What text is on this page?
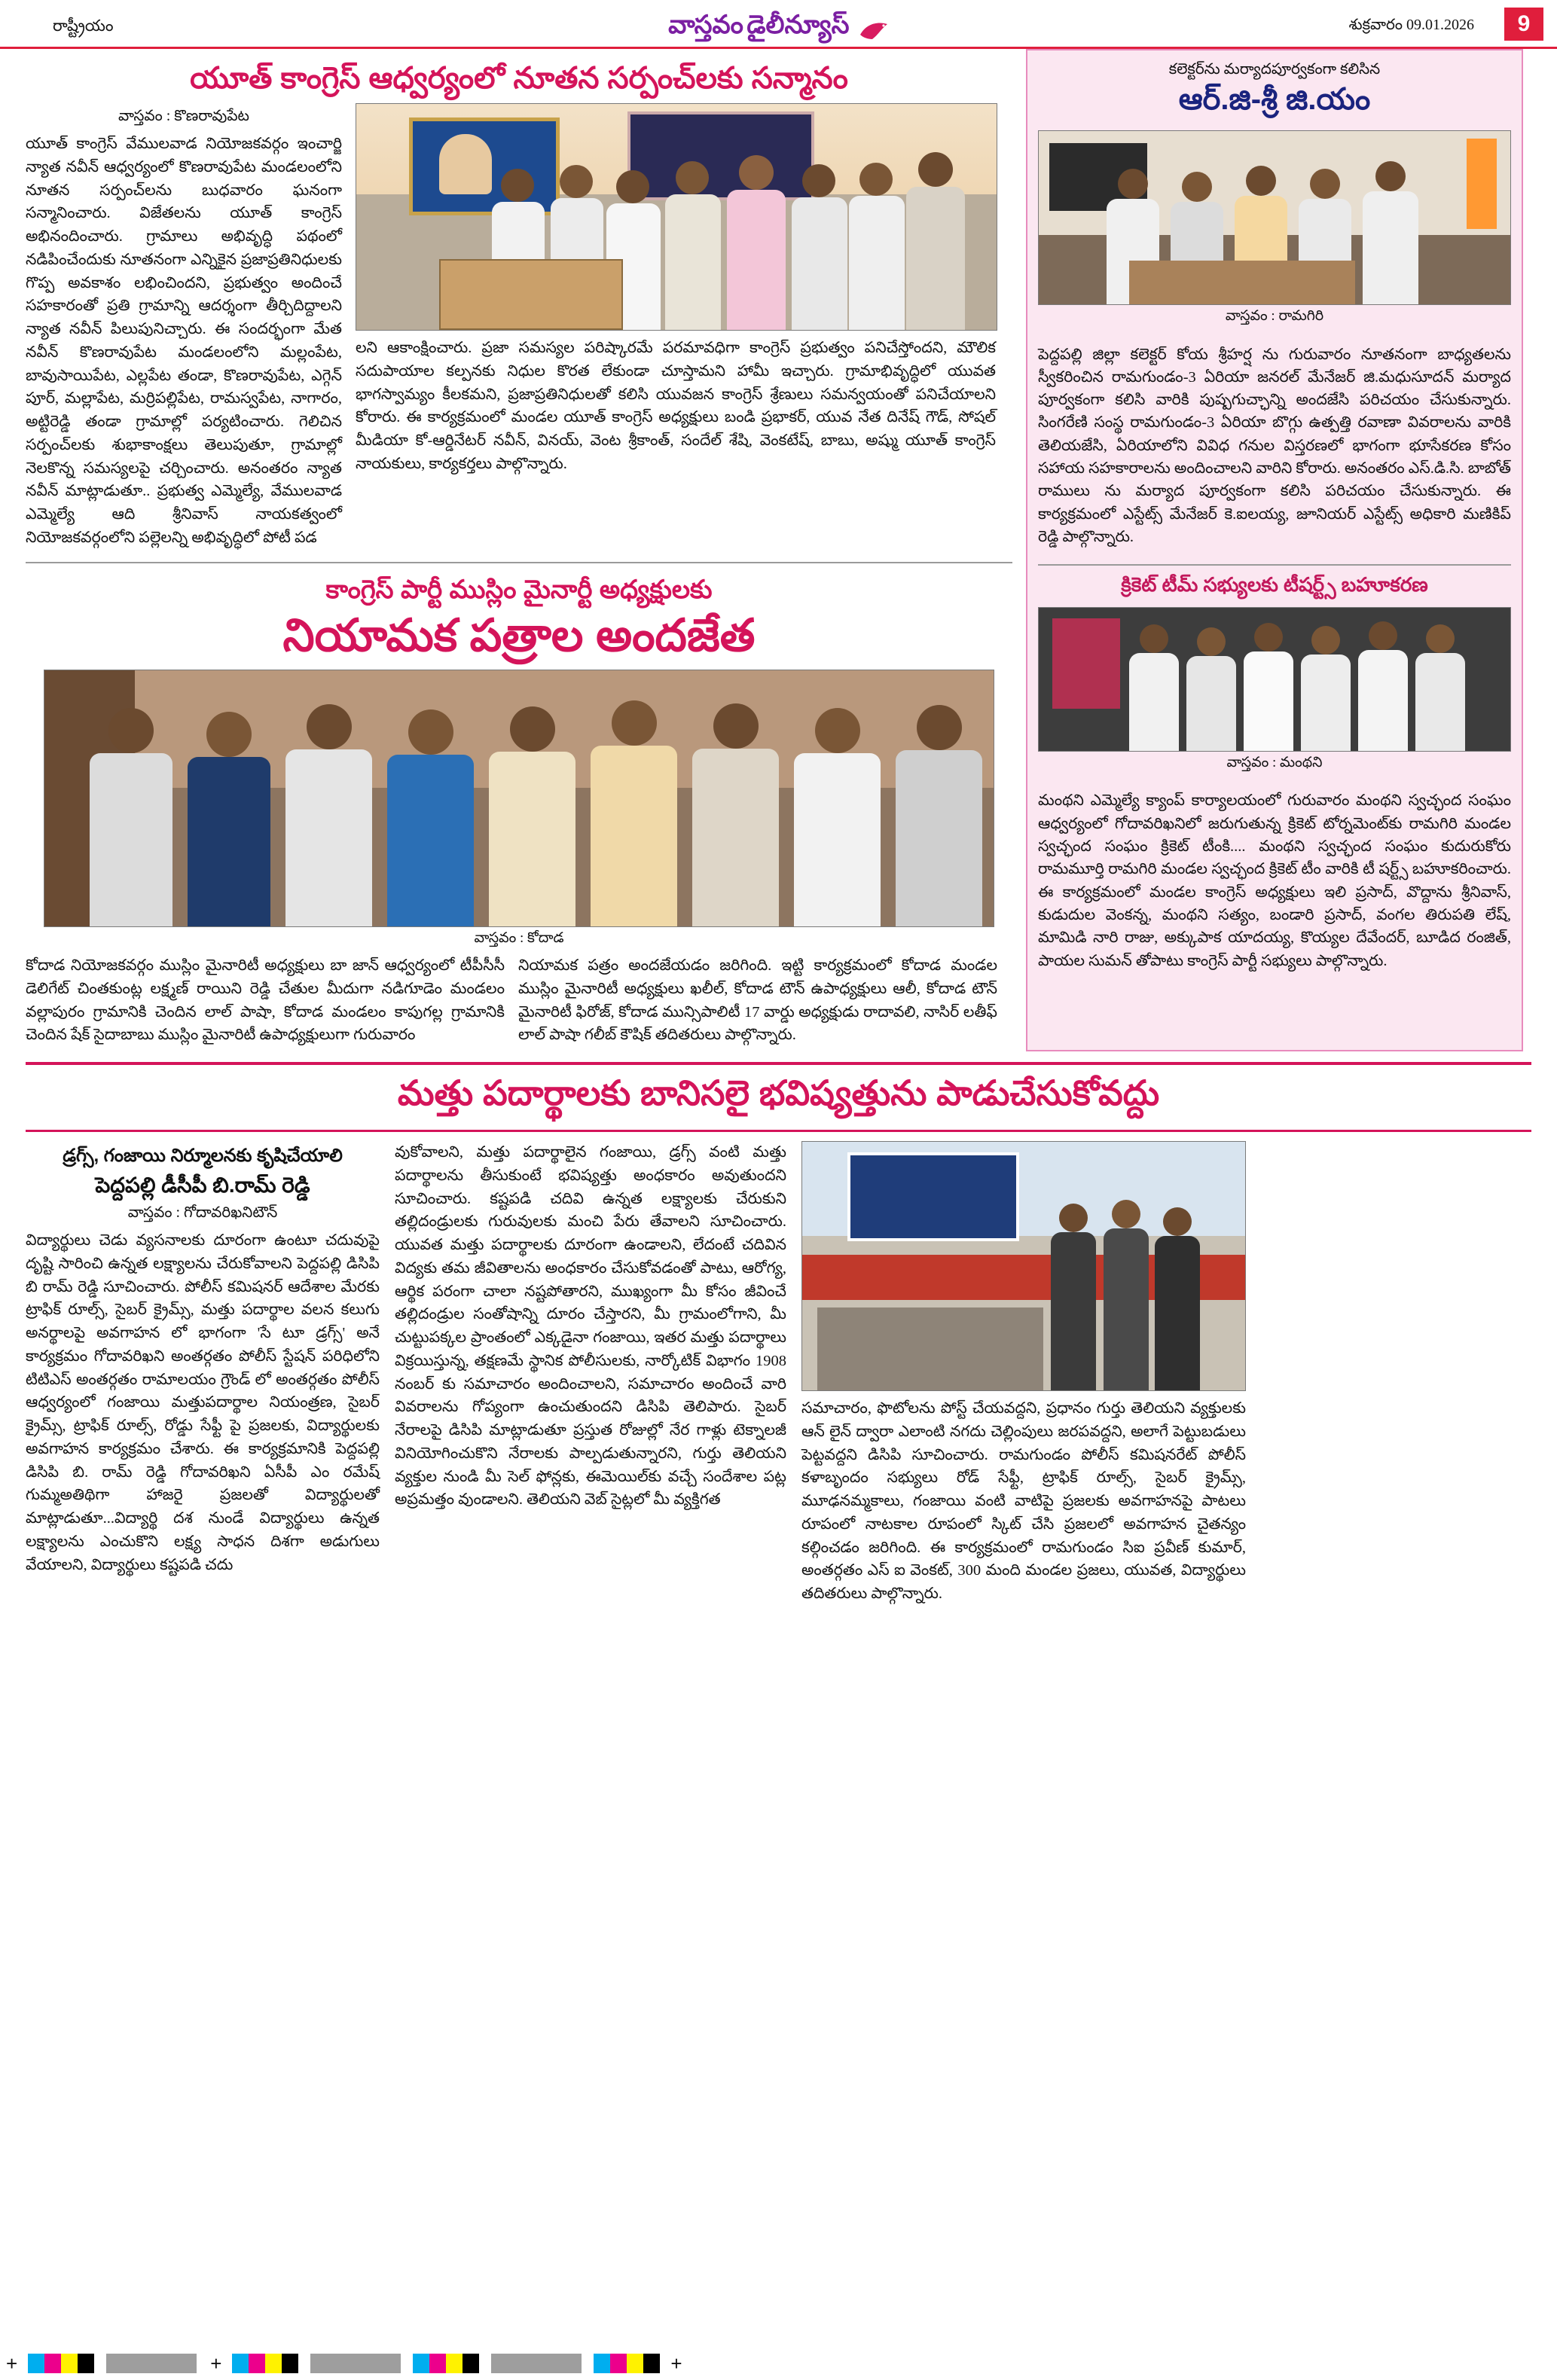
రాష్ట్రీయం	వాస్తవం డైలీన్యూస్	శుక్రవారం 09.01.2026	9
యూత్ కాంగ్రెస్ ఆధ్వర్యంలో నూతన సర్పంచ్‌లకు సన్మానం
వాస్తవం : కొణరావుపేట

యూత్ కాంగ్రెస్ వేములవాడ నియోజకవర్గం ఇంచార్జి న్యాత నవీన్ ఆధ్వర్యంలో కొణరావుపేట మండలంలోని నూతన సర్పంచ్‌లను బుధవారం ఘనంగా సన్మానించారు. విజేతలను యూత్ కాంగ్రెస్ అభినందించారు. గ్రామాలు అభివృద్ధి పథంలో నడిపించేందుకు నూతనంగా ఎన్నికైన ప్రజాప్రతినిధులకు గొప్ప అవకాశం లభించిందని, ప్రభుత్వం అందించే సహకారంతో ప్రతి గ్రామాన్ని ఆదర్శంగా తీర్చిదిద్దాలని న్యాత నవీన్ పిలుపునిచ్చారు. ఈ సందర్భంగా మేత నవీన్ కొణరావుపేట మండలంలోని మల్లంపేట, బావుసాయిపేట, ఎల్లపేట తండా, కొణరావుపేట, ఎగ్గెన్ పూర్, మల్లాపేట, మర్రిపల్లిపేట, రామస్వపేట, నాగారం, అట్టిరెడ్డి తండా గ్రామాల్లో పర్యటించారు. గెలిచిన సర్పంచ్‌లకు శుభాకాంక్షలు తెలుపుతూ, గ్రామాల్లో నెలకొన్న సమస్యలపై చర్చించారు. అనంతరం న్యాత నవీన్ మాట్లాడుతూ.. ప్రభుత్వ ఎమ్మెల్యే, వేములవాడ ఎమ్మెల్యే ఆది శ్రీనివాస్ నాయకత్వంలో నియోజకవర్గంలోని పల్లెలన్ని అభివృద్ధిలో పోటీ పడ

లని ఆకాంక్షించారు. ప్రజా సమస్యల పరిష్కారమే పరమావధిగా కాంగ్రెస్ ప్రభుత్వం పనిచేస్తోందని, మౌలిక సదుపాయాల కల్పనకు నిధుల కొరత లేకుండా చూస్తామని హామీ ఇచ్చారు. గ్రామాభివృద్ధిలో యువత భాగస్వామ్యం కీలకమని, ప్రజాప్రతినిధులతో కలిసి యువజన కాంగ్రెస్ శ్రేణులు సమన్వయంతో పనిచేయాలని కోరారు. ఈ కార్యక్రమంలో మండల యూత్ కాంగ్రెస్ అధ్యక్షులు బండి ప్రభాకర్, యువ నేత దినేష్ గౌడ్, సోషల్ మీడియా కో-ఆర్డినేటర్ నవీన్, వినయ్, వెంట శ్రీకాంత్, సందేల్ శేషి, వెంకటేష్, బాబు, అష్ము యూత్ కాంగ్రెస్ నాయకులు, కార్యకర్తలు పాల్గొన్నారు.

కాంగ్రెస్ పార్టీ ముస్లిం మైనార్టీ అధ్యక్షులకు
నియామక పత్రాల అందజేత
వాస్తవం : కోదాడ

కోదాడ నియోజకవర్గం ముస్లిం మైనారిటీ అధ్యక్షులు బా జాన్ ఆధ్వర్యంలో టీపీసీసీ డెలిగేట్ చింతకుంట్ల లక్ష్మణ్ రాయిని రెడ్డి చేతుల మీదుగా నడిగూడెం మండలం వల్లాపురం గ్రామానికి చెందిన లాల్ పాషా, కోదాడ మండలం కాపుగల్ల గ్రామానికి చెందిన షేక్ సైదాబాబు ముస్లిం మైనారిటీ ఉపాధ్యక్షులుగా గురువారం

నియామక పత్రం అందజేయడం జరిగింది. ఇట్టి కార్యక్రమంలో కోదాడ మండల ముస్లిం మైనారిటీ అధ్యక్షులు ఖలీల్, కోదాడ టౌన్ ఉపాధ్యక్షులు ఆలీ, కోదాడ టౌన్ మైనారిటీ ఫిరోజ్, కోదాడ మున్సిపాలిటీ 17 వార్డు అధ్యక్షుడు రాదావలి, నాసిర్ లతీఫ్ లాల్ పాషా గలీబ్ కౌషిక్ తదితరులు పాల్గొన్నారు.

కలెక్టర్‌ను మర్యాదపూర్వకంగా కలిసిన
ఆర్.జి-శ్రీ జి.యం
వాస్తవం : రామగిరి

పెద్దపల్లి జిల్లా కలెక్టర్ కోయ శ్రీహర్ష ను గురువారం నూతనంగా బాధ్యతలను స్వీకరించిన రామగుండం-3 ఏరియా జనరల్ మేనేజర్ జి.మధుసూదన్ మర్యాద పూర్వకంగా కలిసి వారికి పుష్పగుచ్ఛాన్ని అందజేసి పరిచయం చేసుకున్నారు. సింగరేణి సంస్థ రామగుండం-3 ఏరియా బొగ్గు ఉత్పత్తి రవాణా వివరాలను వారికి తెలియజేసి, ఏరియాలోని వివిధ గనుల విస్తరణలో భాగంగా భూసేకరణ కోసం సహాయ సహకారాలను అందించాలని వారిని కోరారు. అనంతరం ఎస్.డి.సి. బాబోత్ రాములు ను మర్యాద పూర్వకంగా కలిసి పరిచయం చేసుకున్నారు. ఈ కార్యక్రమంలో ఎస్టేట్స్ మేనేజర్ కె.ఐలయ్య, జూనియర్ ఎస్టేట్స్ అధికారి మణికిప్ రెడ్డి పాల్గొన్నారు.

క్రికెట్ టీమ్ సభ్యులకు టీషర్ట్స్ బహూకరణ
వాస్తవం : మంథని

మంథని ఎమ్మెల్యే క్యాంప్ కార్యాలయంలో గురువారం మంథని స్వచ్ఛంద సంఘం ఆధ్వర్యంలో గోదావరిఖనిలో జరుగుతున్న క్రికెట్ టోర్నమెంట్‌కు రామగిరి మండల స్వచ్ఛంద సంఘం క్రికెట్ టీంకి.... మంథని స్వచ్ఛంద సంఘం కుదురుకోరు రామమూర్తి రామగిరి మండల స్వచ్ఛంద క్రికెట్ టీం వారికి టీ షర్ట్స్ బహూకరించారు. ఈ కార్యక్రమంలో మండల కాంగ్రెస్ అధ్యక్షులు ఇలి ప్రసాద్, వొద్దాను శ్రీనివాస్, కుడుదుల వెంకన్న, మంథని సత్యం, బండారి ప్రసాద్, వంగల తిరుపతి లేష్, మామిడి నారి రాజు, అక్కుపాక యాదయ్య, కొయ్యల దేవేందర్, బూడిద రంజిత్, పాయల సుమన్ తోపాటు కాంగ్రెస్ పార్టీ సభ్యులు పాల్గొన్నారు.

మత్తు పదార్థాలకు బానిసలై భవిష్యత్తును పాడుచేసుకోవద్దు
డ్రగ్స్, గంజాయి నిర్మూలనకు కృషిచేయాలి
పెద్దపల్లి డీసీపీ బి.రామ్ రెడ్డి
వాస్తవం : గోదావరిఖనిటౌన్

విద్యార్థులు చెడు వ్యసనాలకు దూరంగా ఉంటూ చదువుపై దృష్టి సారించి ఉన్నత లక్ష్యాలను చేరుకోవాలని పెద్దపల్లి డిసిపి బి రామ్ రెడ్డి సూచించారు. పోలీస్ కమిషనర్ ఆదేశాల మేరకు ట్రాఫిక్ రూల్స్, సైబర్ క్రైమ్స్, మత్తు పదార్థాల వలన కలుగు అనర్థాలపై అవగాహన లో భాగంగా 'సే టూ డ్రగ్స్' అనే కార్యక్రమం గోదావరిఖని అంతర్గతం పోలీస్ స్టేషన్ పరిధిలోని టిటిఎస్ అంతర్గతం రామాలయం గ్రౌండ్ లో అంతర్గతం పోలీస్ ఆధ్వర్యంలో గంజాయి మత్తుపదార్థాల నియంత్రణ, సైబర్ క్రైమ్స్, ట్రాఫిక్ రూల్స్, రోడ్డు సేఫ్టీ పై ప్రజలకు, విద్యార్థులకు అవగాహన కార్యక్రమం చేశారు. ఈ కార్యక్రమానికి పెద్దపల్లి డిసిపి బి. రామ్ రెడ్డి గోదావరిఖని ఏసీపీ ఎం రమేష్ గుమ్మఅతిథిగా హాజరై ప్రజలతో విద్యార్థులతో మాట్లాడుతూ...విద్యార్థి దశ నుండే విద్యార్థులు ఉన్నత లక్ష్యాలను ఎంచుకొని లక్ష్య సాధన దిశగా అడుగులు వేయాలని, విద్యార్థులు కష్టపడి చదు

వుకోవాలని, మత్తు పదార్థాలైన గంజాయి, డ్రగ్స్ వంటి మత్తు పదార్థాలను తీసుకుంటే భవిష్యత్తు అంధకారం అవుతుందని సూచించారు. కష్టపడి చదివి ఉన్నత లక్ష్యాలకు చేరుకుని తల్లిదండ్రులకు గురువులకు మంచి పేరు తేవాలని సూచించారు. యువత మత్తు పదార్థాలకు దూరంగా ఉండాలని, లేదంటే చదివిన విద్యకు తమ జీవితాలను అంధకారం చేసుకోవడంతో పాటు, ఆరోగ్య, ఆర్థిక పరంగా చాలా నష్టపోతారని, ముఖ్యంగా మీ కోసం జీవించే తల్లిదండ్రుల సంతోషాన్ని దూరం చేస్తారని, మీ గ్రామంలోగాని, మీ చుట్టుపక్కల ప్రాంతంలో ఎక్కడైనా గంజాయి, ఇతర మత్తు పదార్థాలు విక్రయిస్తున్న, తక్షణమే స్థానిక పోలీసులకు, నార్కోటిక్ విభాగం 1908 నంబర్ కు సమాచారం అందించాలని, సమాచారం అందించే వారి వివరాలను గోప్యంగా ఉంచుతుందని డిసిపి తెలిపారు. సైబర్ నేరాలపై డిసిపి మాట్లాడుతూ ప్రస్తుత రోజుల్లో నేర గాళ్లు టెక్నాలజీ వినియోగించుకొని నేరాలకు పాల్పడుతున్నారని, గుర్తు తెలియని వ్యక్తుల నుండి మీ సెల్ ఫోన్లకు, ఈమెయిల్‌కు వచ్చే సందేశాల పట్ల అప్రమత్తం వుండాలని. తెలియని వెబ్ సైట్లలో మీ వ్యక్తిగత

సమాచారం, ఫొటోలను పోస్ట్ చేయవద్దని, ప్రధానం గుర్తు తెలియని వ్యక్తులకు ఆన్ లైన్ ద్వారా ఎలాంటి నగదు చెల్లింపులు జరపవద్దని, అలాగే పెట్టుబడులు పెట్టవద్దని డిసిపి సూచించారు. రామగుండం పోలీస్ కమిషనరేట్ పోలీస్ కళాబృందం సభ్యులు రోడ్ సేఫ్టీ, ట్రాఫిక్ రూల్స్, సైబర్ క్రైమ్స్, మూఢనమ్మకాలు, గంజాయి వంటి వాటిపై ప్రజలకు అవగాహనపై పాటలు రూపంలో నాటకాల రూపంలో స్కిట్ చేసి ప్రజలలో అవగాహన చైతన్యం కల్గించడం జరిగింది. ఈ కార్యక్రమంలో రామగుండం సిఐ ప్రవీణ్ కుమార్, అంతర్గతం ఎస్ ఐ వెంకట్, 300 మంది మండల ప్రజలు, యువత, విద్యార్థులు తదితరులు పాల్గొన్నారు.

+	+	+
